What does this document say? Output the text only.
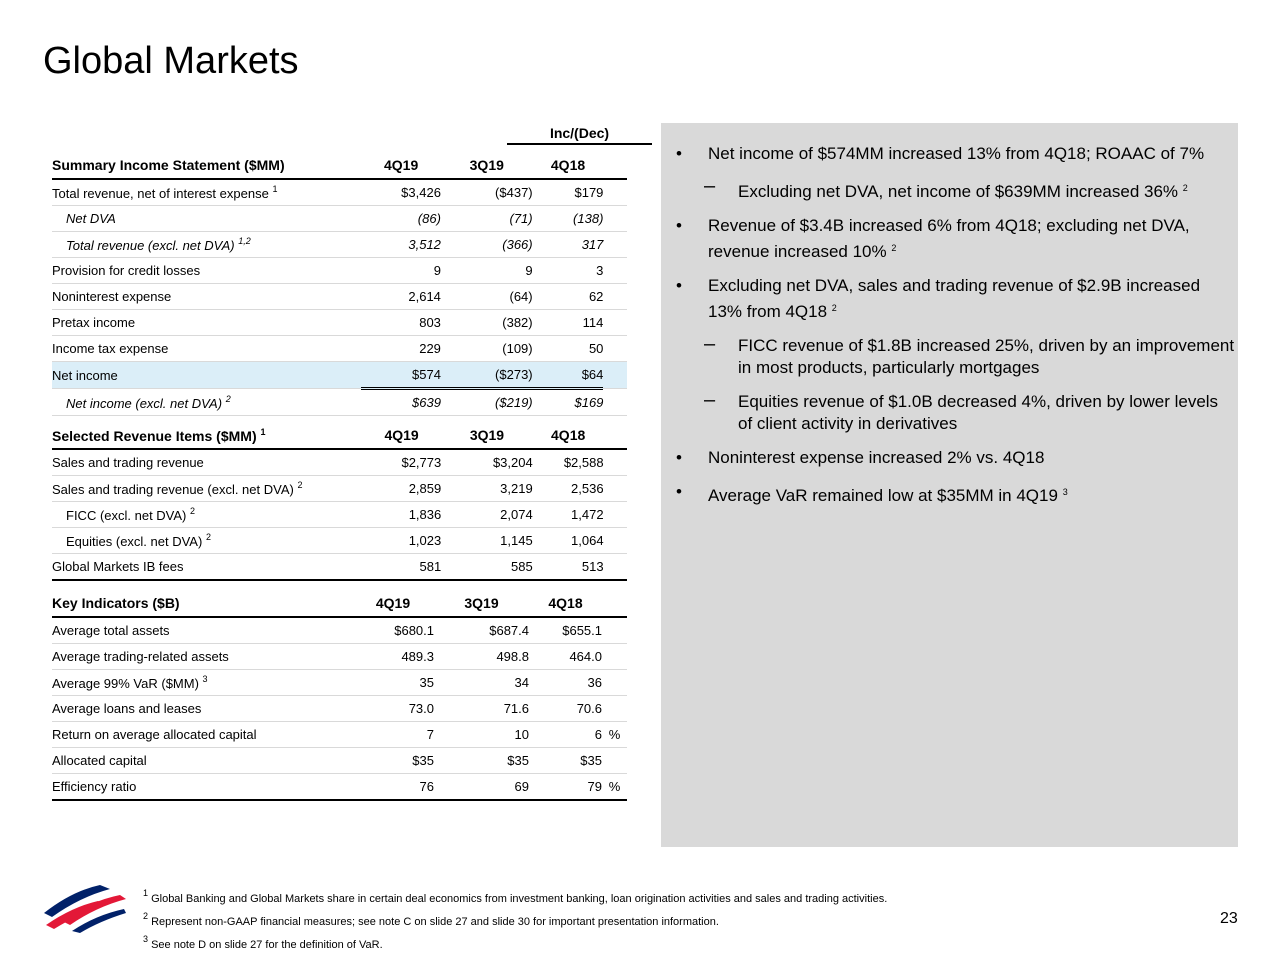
Global Markets
Inc/(Dec)
Summary Income Statement ($MM)	4Q19	3Q19	4Q18	
Total revenue, net of interest expense $^1$	$3,426	($437)	$179	
Net DVA	(86)	(71)	(138)	
Total revenue (excl. net DVA) $^{1,2}$	3,512	(366)	317	
Provision for credit losses	9	9	3	
Noninterest expense	2,614	(64)	62	
Pretax income	803	(382)	114	
Income tax expense	229	(109)	50	
Net income	$574	($273)	$64	
Net income (excl. net DVA) $^2$	$639	($219)	$169	
Selected Revenue Items ($MM) $^1$	4Q19	3Q19	4Q18	
Sales and trading revenue	$2,773	$3,204	$2,588	
Sales and trading revenue (excl. net DVA) $^2$	2,859	3,219	2,536	
FICC (excl. net DVA) $^2$	1,836	2,074	1,472	
Equities (excl. net DVA) $^2$	1,023	1,145	1,064	
Global Markets IB fees	581	585	513	
Key Indicators ($B)	4Q19	3Q19	4Q18	
Average total assets	$680.1	$687.4	$655.1	
Average trading-related assets	489.3	498.8	464.0	
Average 99% VaR ($MM) $^3$	35	34	36	
Average loans and leases	73.0	71.6	70.6	
Return on average allocated capital	7	10	6	%
Allocated capital	$35	$35	$35	
Efficiency ratio	76	69	79	%
• Net income of $574MM increased 13% from 4Q18; ROAAC of 7%
– Excluding net DVA, net income of $639MM increased 36% $^2$
• Revenue of $3.4B increased 6% from 4Q18; excluding net DVA, revenue increased 10% $^2$
• Excluding net DVA, sales and trading revenue of $2.9B increased 13% from 4Q18 $^2$
– FICC revenue of $1.8B increased 25%, driven by an improvement in most products, particularly mortgages
– Equities revenue of $1.0B decreased 4%, driven by lower levels of client activity in derivatives
• Noninterest expense increased 2% vs. 4Q18
• Average VaR remained low at $35MM in 4Q19 $^3$
$^1$ Global Banking and Global Markets share in certain deal economics from investment banking, loan origination activities and sales and trading activities.
$^2$ Represent non-GAAP financial measures; see note C on slide 27 and slide 30 for important presentation information.
$^3$ See note D on slide 27 for the definition of VaR.
23
